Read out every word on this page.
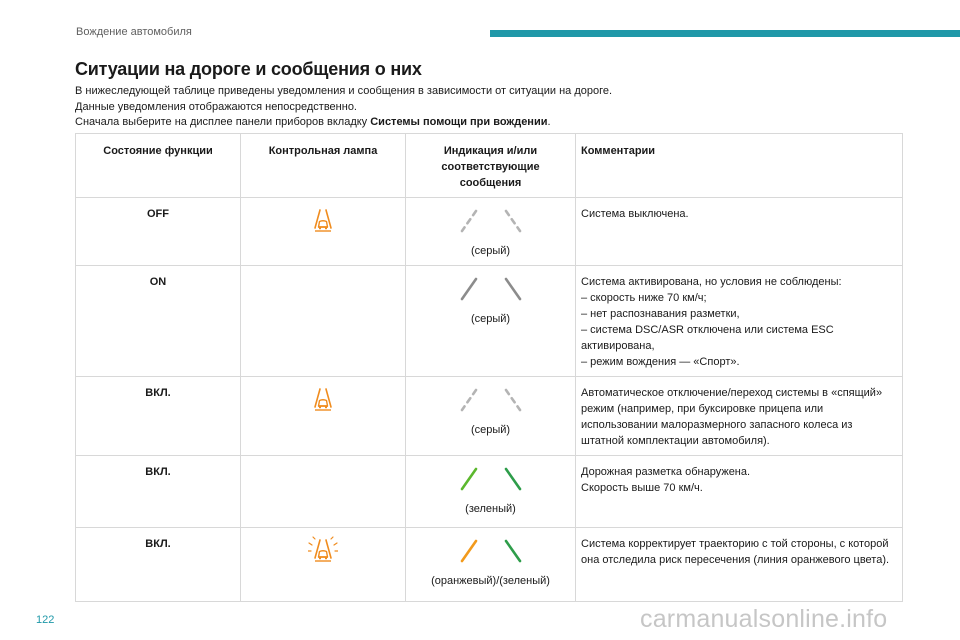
Вождение автомобиля
Ситуации на дороге и сообщения о них

В нижеследующей таблице приведены уведомления и сообщения в зависимости от ситуации на дороге.

Данные уведомления отображаются непосредственно.

Сначала выберите на дисплее панели приборов вкладку Системы помощи при вождении.

Состояние функции	Контрольная лампа	Индикация и/или соответствующие сообщения	Комментарии
OFF		(серый)	Система выключена.

ON		(серый)	Система активирована, но условия не соблюдены:

– скорость ниже 70 км/ч;

– нет распознавания разметки,

– система DSC/ASR отключена или система ESC активирована,

– режим вождения — «Спорт».

ВКЛ.		(серый)	Автоматическое отключение/переход системы в «спящий» режим (например, при буксировке прицепа или использовании малоразмерного запасного колеса из штатной комплектации автомобиля).

ВКЛ.		(зеленый)	Дорожная разметка обнаружена.

Скорость выше 70 км/ч.

ВКЛ.		(оранжевый)/(зеленый)	Система корректирует траекторию с той стороны, с которой она отследила риск пересечения (линия оранжевого цвета).

122	carmanualsonline.info
